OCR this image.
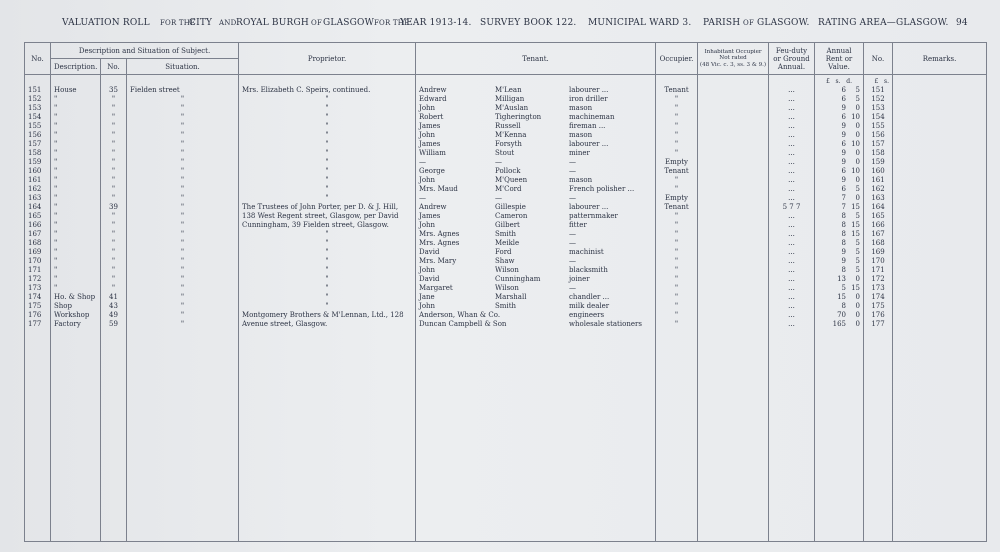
VALUATION ROLL FOR THE
CITY AND ROYAL BURGH OF GLASGOW FOR THE
YEAR 1913-14. SURVEY BOOK 122. MUNICIPAL WARD 3. PARISH OF GLASGOW. RATING AREA—GLASGOW. 94
No.	Description and Situation of Subject.			Proprietor.	Tenant.	Occupier.	Inhabitant Occupier
Not rated
(48 Vic. c. 3, ss. 3 & 9.)	Feu-duty
or Ground
Annual.	Annual
Rent or
Value.	No.	Remarks.	
	Description.	No.	Situation.									
									£ s. d.	£ s.		
151	House	35	Fielden street	Mrs. Elizabeth C. Speirs, continued.	Andrew M'Lean labourer ...	Tenant		...	6 5	151		
152	"	"	"	"	Edward Milligan iron driller	"		...	6 5	152		
153	"	"	"	"	John M'Auslan mason	"		...	9 0	153		
154	"	"	"	"	Robert Tigherington machineman	"		...	6 10	154		
155	"	"	"	"	James Russell fireman ...	"		...	9 0	155		
156	"	"	"	"	John M'Kenna mason	"		...	9 0	156		
157	"	"	"	"	James Forsyth labourer ...	"		...	6 10	157		
158	"	"	"	"	William Stout miner	"		...	9 0	158		
159	"	"	"	"	— — —	Empty		...	9 0	159		
160	"	"	"	"	George Pollock —	Tenant		...	6 10	160		
161	"	"	"	"	John M'Queen mason	"		...	9 0	161		
162	"	"	"	"	Mrs. Maud M'Cord French polisher ...	"		...	6 5	162		
163	"	"	"	"	— — —	Empty		...	7 0	163		
164	"	39	"	The Trustees of John Porter, per D. & J. Hill,	Andrew Gillespie labourer ...	Tenant		5 7 7	7 15	164		
165	"	"	"	138 West Regent street, Glasgow, per David	James Cameron patternmaker	"		...	8 5	165		
166	"	"	"	Cunningham, 39 Fielden street, Glasgow.	John Gilbert fitter	"		...	8 15	166		
167	"	"	"	"	Mrs. Agnes Smith —	"		...	8 15	167		
168	"	"	"	"	Mrs. Agnes Meikle —	"		...	8 5	168		
169	"	"	"	"	David Ford machinist	"		...	9 5	169		
170	"	"	"	"	Mrs. Mary Shaw —	"		...	9 5	170		
171	"	"	"	"	John Wilson blacksmith	"		...	8 5	171		
172	"	"	"	"	David Cunningham joiner	"		...	13 0	172		
173	"	"	"	"	Margaret Wilson —	"		...	5 15	173		
174	Ho. & Shop	41	"	"	Jane Marshall chandler ...	"		...	15 0	174		
175	Shop	43	"	"	John Smith milk dealer	"		...	8 0	175		
176	Workshop	49	"	Montgomery Brothers & M'Lennan, Ltd., 128	Anderson, Whan & Co. engineers	"		...	70 0	176		
177	Factory	59	"	Avenue street, Glasgow.	Duncan Campbell & Son wholesale stationers	"		...	165 0	177		
